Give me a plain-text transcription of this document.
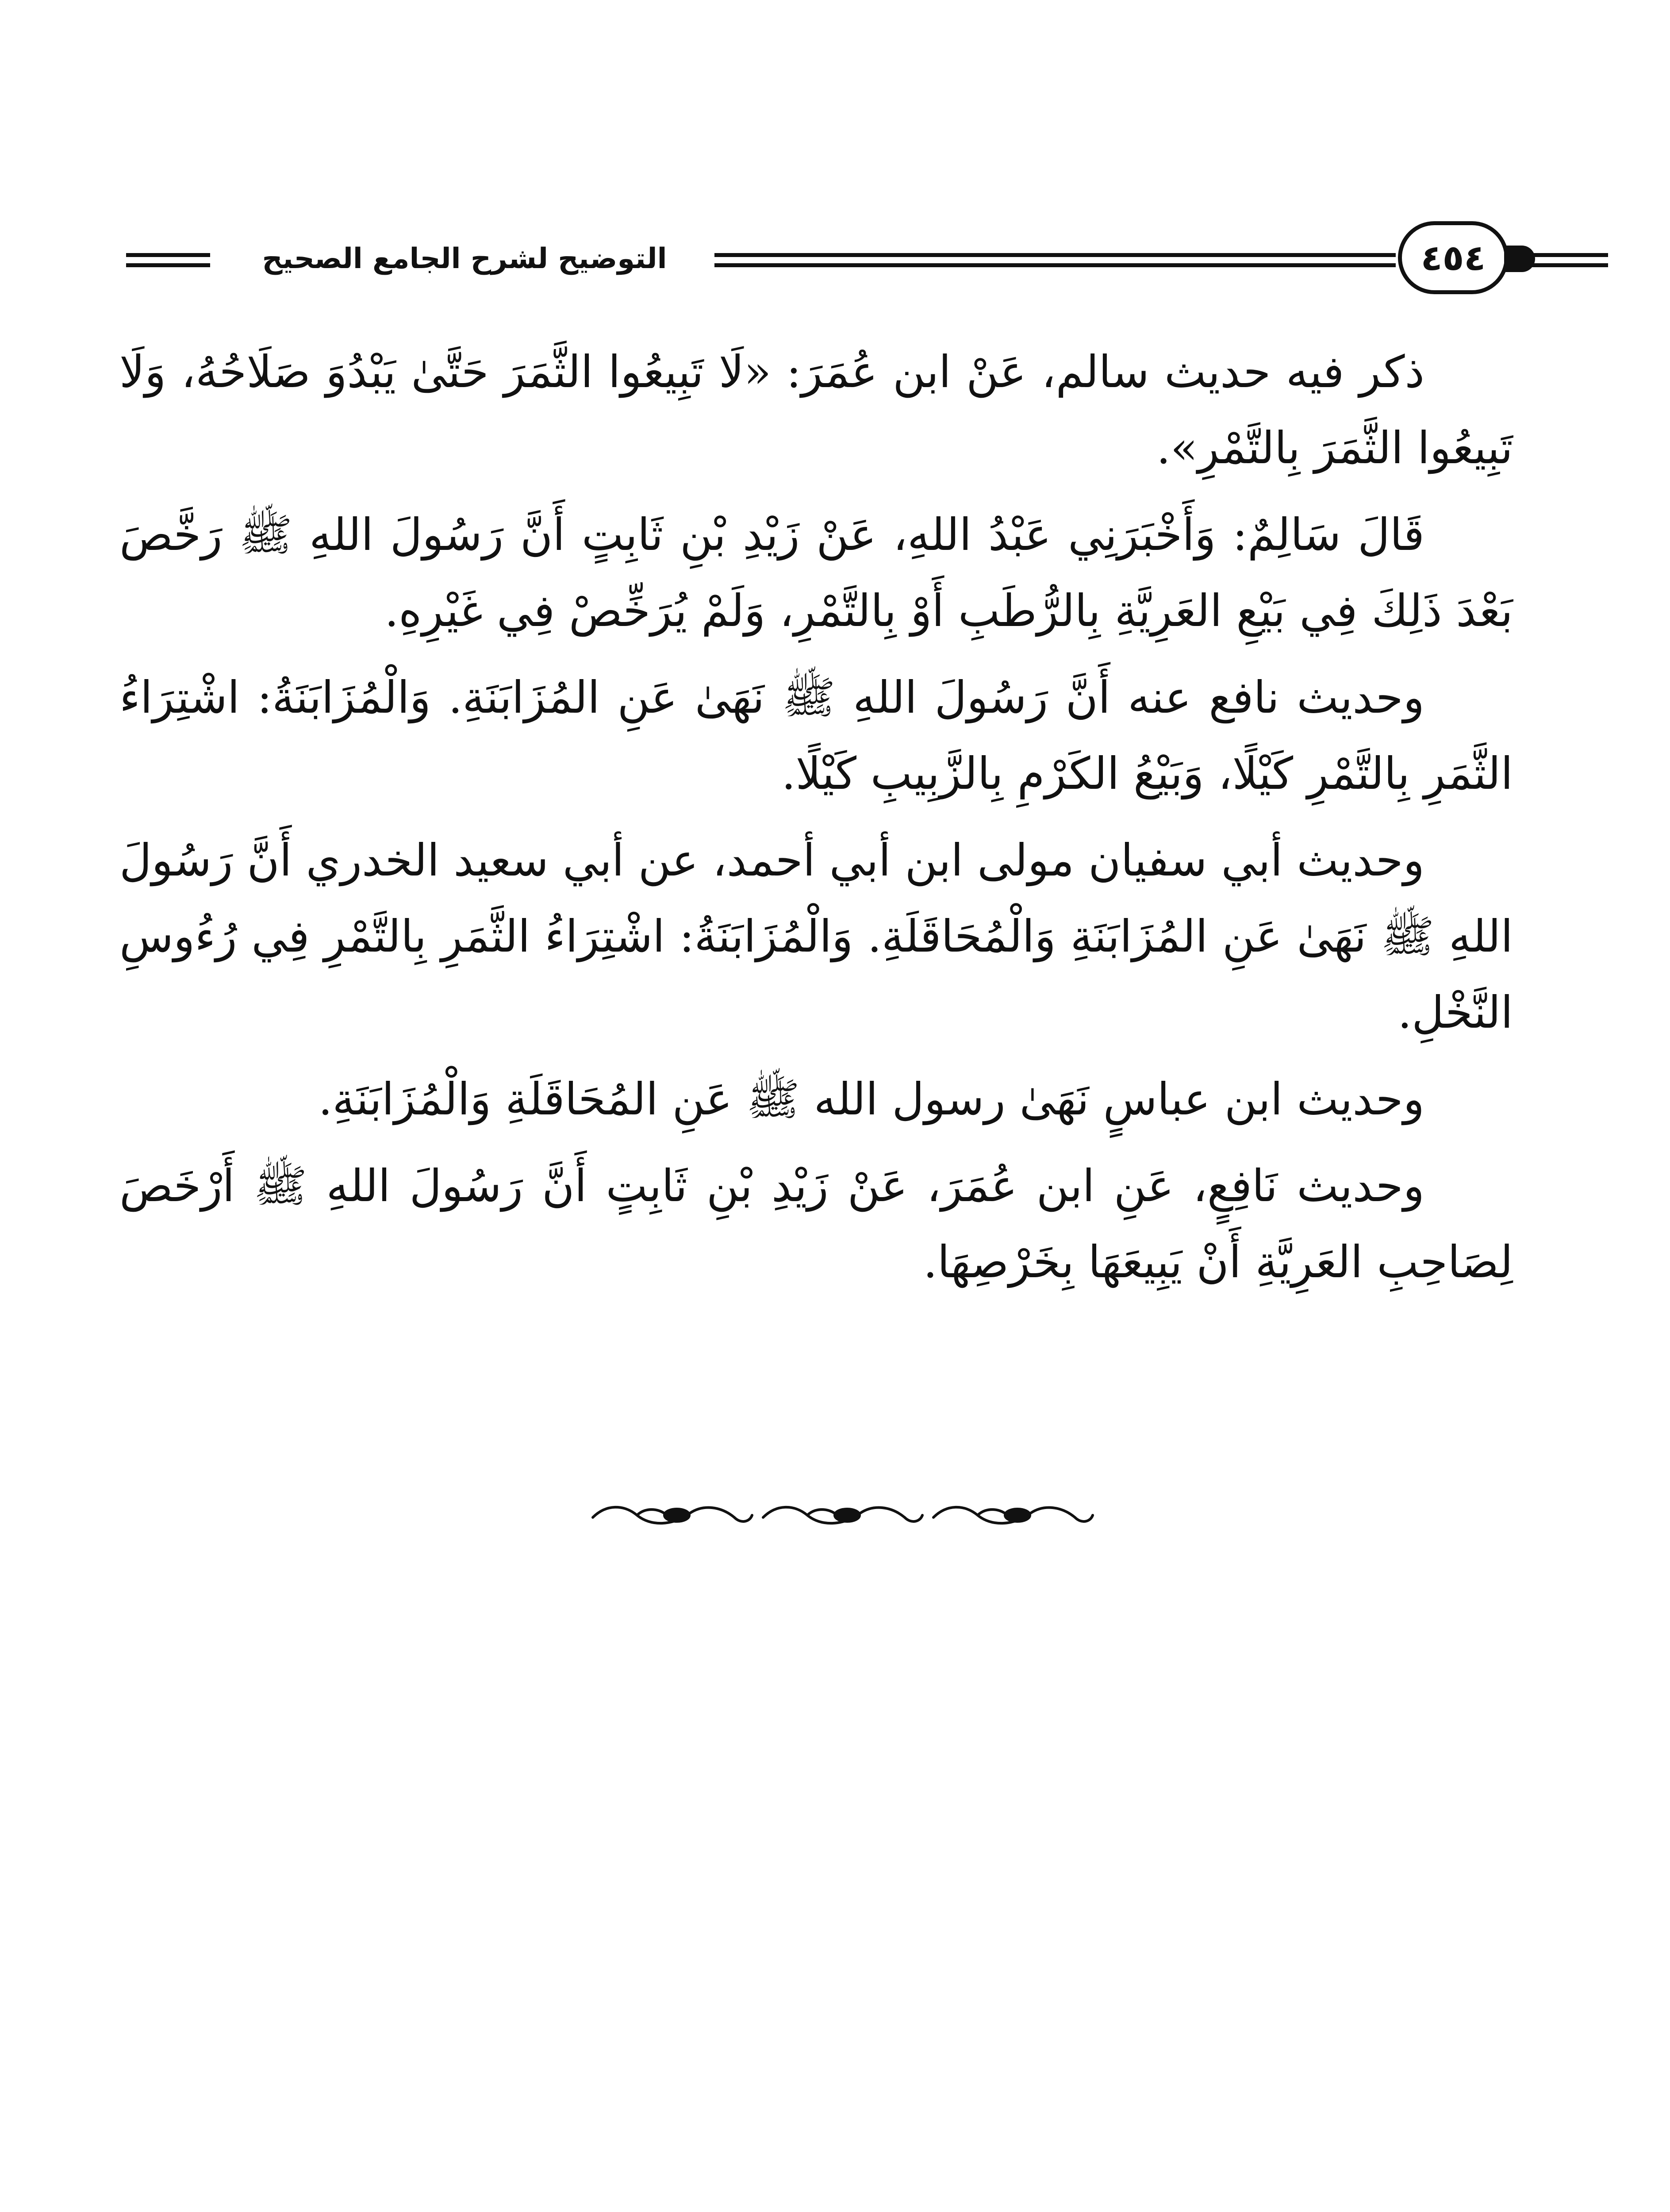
التوضيح لشرح الجامع الصحيح	٤٥٤

ذكر فيه حديث سالم، عَنْ ابن عُمَرَ: «لَا تَبِيعُوا الثَّمَرَ حَتَّىٰ يَبْدُوَ صَلَاحُهُ، وَلَا تَبِيعُوا الثَّمَرَ بِالتَّمْرِ».

قَالَ سَالِمٌ: وَأَخْبَرَنِي عَبْدُ اللهِ، عَنْ زَيْدِ بْنِ ثَابِتٍ أَنَّ رَسُولَ اللهِ ﷺ رَخَّصَ بَعْدَ ذَلِكَ فِي بَيْعِ العَرِيَّةِ بِالرُّطَبِ أَوْ بِالتَّمْرِ، وَلَمْ يُرَخِّصْ فِي غَيْرِهِ.

وحديث نافع عنه أَنَّ رَسُولَ اللهِ ﷺ نَهَىٰ عَنِ المُزَابَنَةِ. وَالْمُزَابَنَةُ: اشْتِرَاءُ الثَّمَرِ بِالتَّمْرِ كَيْلًا، وَبَيْعُ الكَرْمِ بِالزَّبِيبِ كَيْلًا.

وحديث أبي سفيان مولى ابن أبي أحمد، عن أبي سعيد الخدري أَنَّ رَسُولَ اللهِ ﷺ نَهَىٰ عَنِ المُزَابَنَةِ وَالْمُحَاقَلَةِ. وَالْمُزَابَنَةُ: اشْتِرَاءُ الثَّمَرِ بِالتَّمْرِ فِي رُءُوسِ النَّخْلِ.

وحديث ابن عباسٍ نَهَىٰ رسول الله ﷺ عَنِ المُحَاقَلَةِ وَالْمُزَابَنَةِ.

وحديث نَافِعٍ، عَنِ ابن عُمَرَ، عَنْ زَيْدِ بْنِ ثَابِتٍ أَنَّ رَسُولَ اللهِ ﷺ أَرْخَصَ لِصَاحِبِ العَرِيَّةِ أَنْ يَبِيعَهَا بِخَرْصِهَا.
